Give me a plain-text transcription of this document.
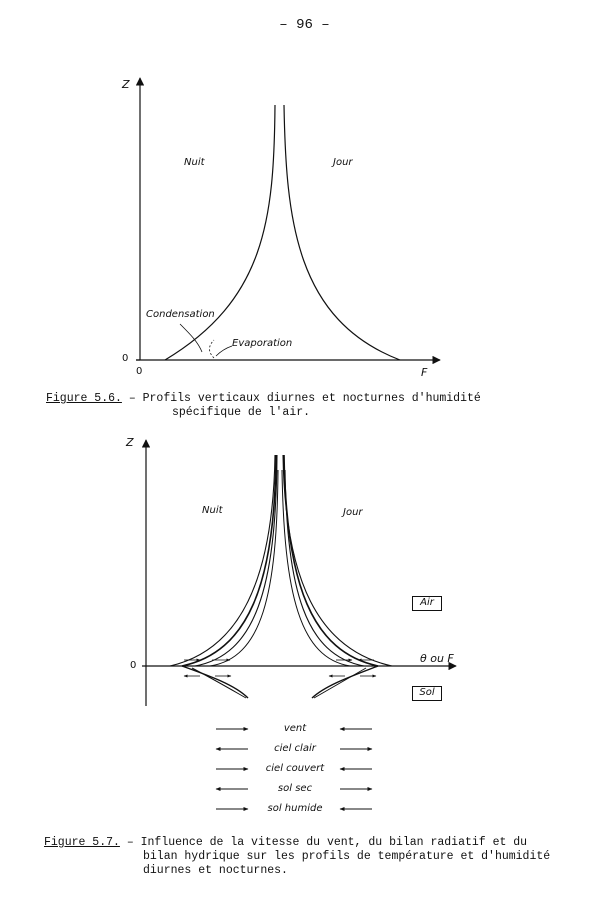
– 96 –
Z
F
0
0
Nuit	Jour
Condensation
Evaporation
Figure 5.6. – Profils verticaux diurnes et nocturnes d'humidité
spécifique de l'air.
Z
θ ou F
0
Nuit	Jour
Air
Sol
vent
ciel clair
ciel couvert
sol sec
sol humide
Figure 5.7. – Influence de la vitesse du vent, du bilan radiatif et du
bilan hydrique sur les profils de température et d'humidité
diurnes et nocturnes.
